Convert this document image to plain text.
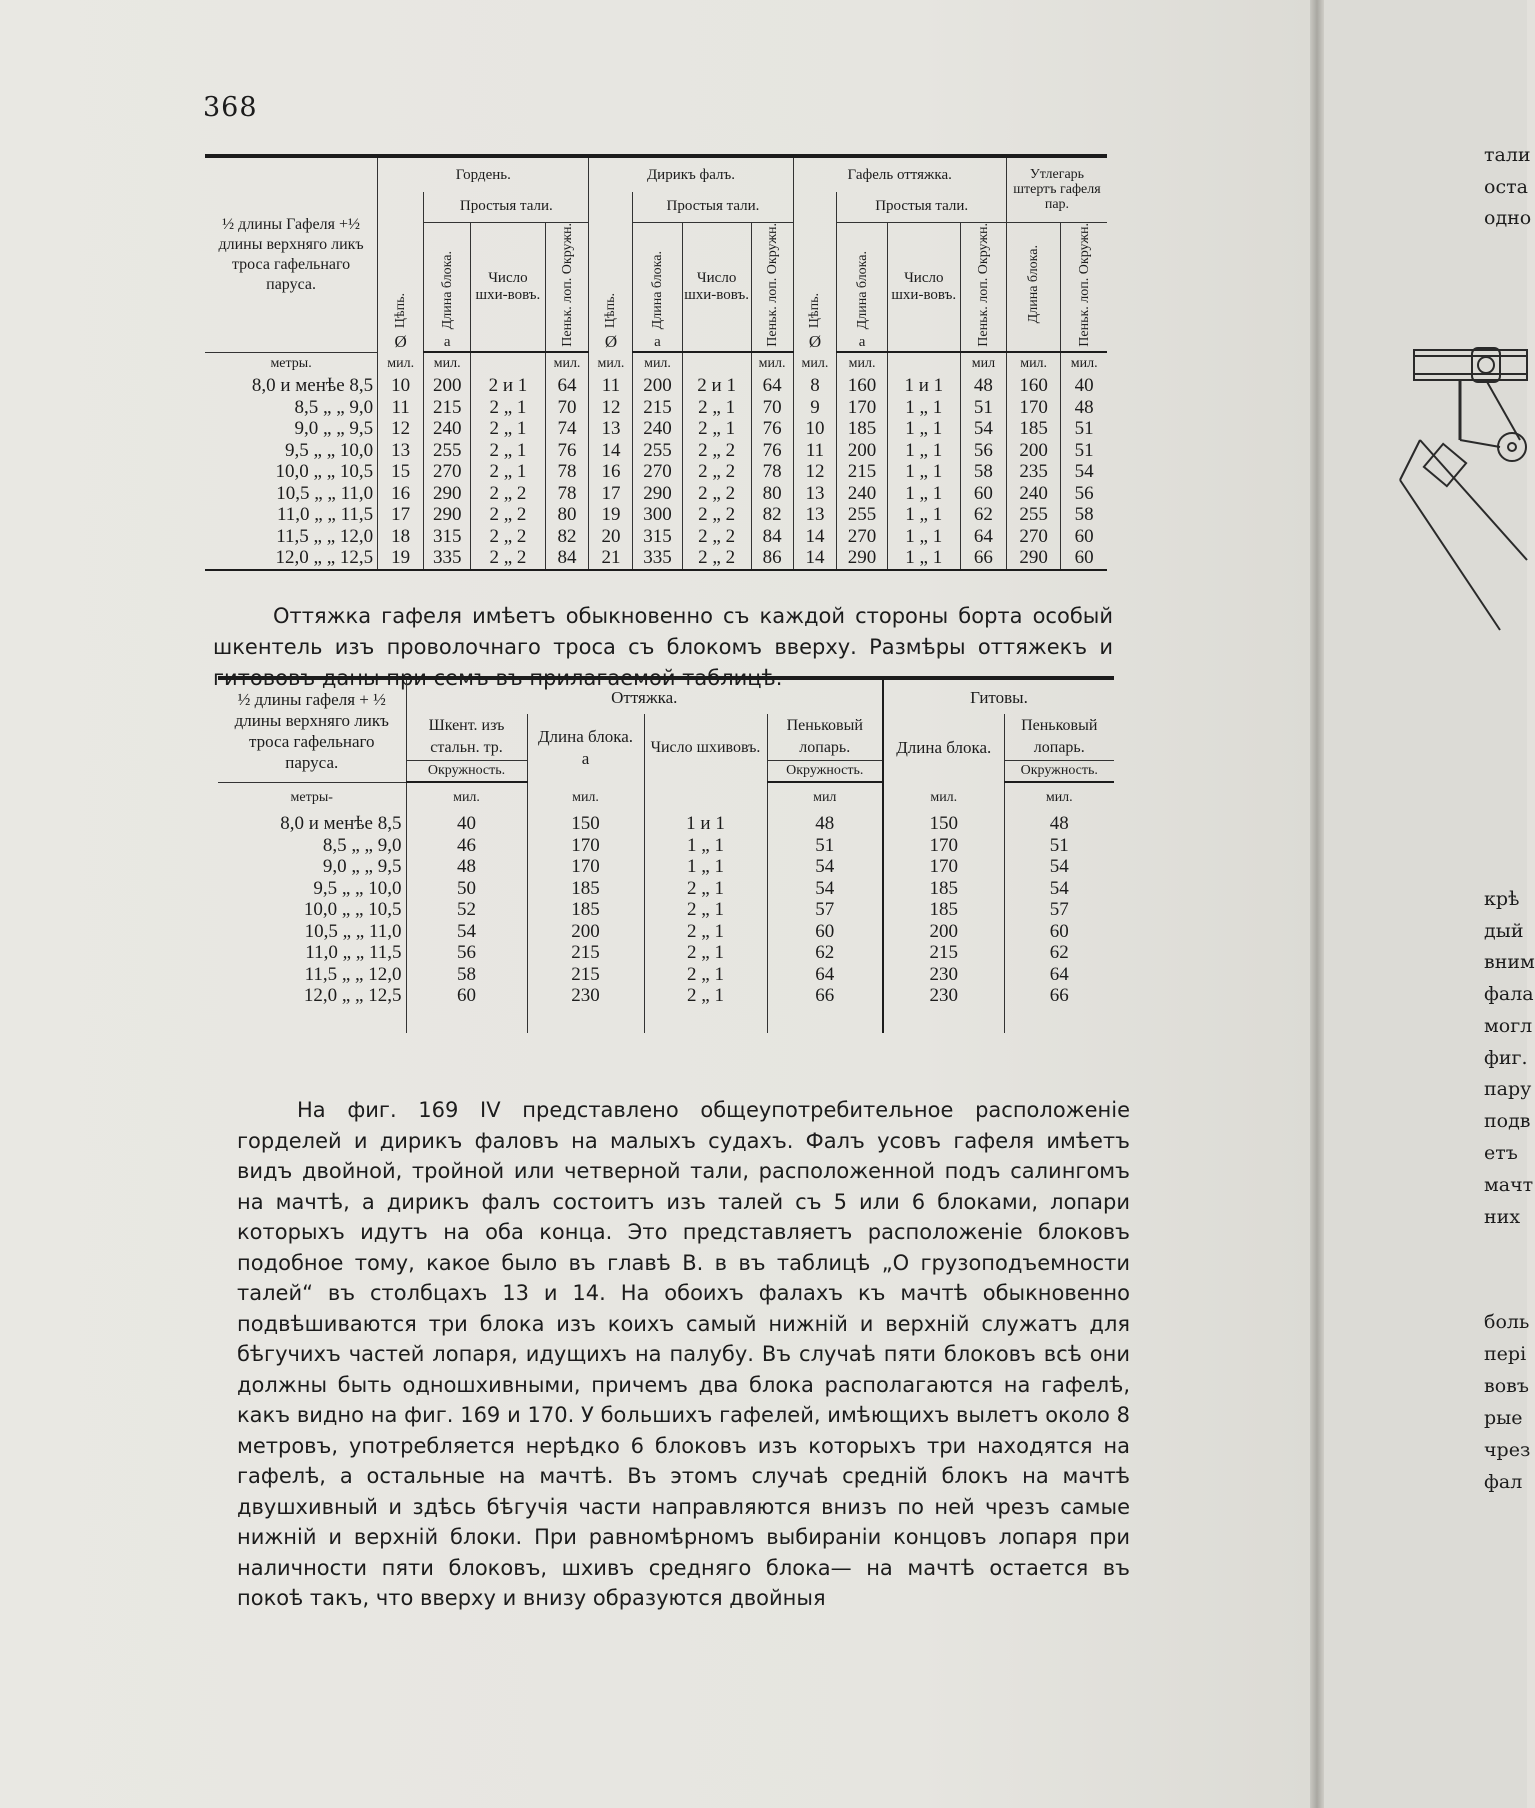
тали
оста
одно
крѣ
дый
вним
фала
могл
фиг.
пару
подв
етъ
мачт
них
боль
пері
вовъ
рые
чрез
фал
368
½ длины Гафеля +½ длины верхняго ликъ троса гафельнаго паруса.	Гордень.				Дирикъ фалъ.				Гафель оттяжка.				Утлегарь штертъ гафеля пар.	
	Цѣпь.
Ø	Простыя тали.			Цѣпь.
Ø	Простыя тали.			Цѣпь.
Ø	Простыя тали.				
		Длина блока.
a	Число шхи-вовъ.	Пеньк. лоп. Окружн.		Длина блока.
a	Число шхи-вовъ.	Пеньк. лоп. Окружн.		Длина блока.
a	Число шхи-вовъ.	Пеньк. лоп. Окружн.	Длина блока.	Пеньк. лоп. Окружн.
метры.	мил.	мил.		мил.	мил.	мил.		мил.	мил.	мил.		мил	мил.	мил.
8,0 и менѣе 8,5	10	200	2 и 1	64	11	200	2 и 1	64	8	160	1 и 1	48	160	40
8,5 „ „ 9,0	11	215	2 „ 1	70	12	215	2 „ 1	70	9	170	1 „ 1	51	170	48
9,0 „ „ 9,5	12	240	2 „ 1	74	13	240	2 „ 1	76	10	185	1 „ 1	54	185	51
9,5 „ „ 10,0	13	255	2 „ 1	76	14	255	2 „ 2	76	11	200	1 „ 1	56	200	51
10,0 „ „ 10,5	15	270	2 „ 1	78	16	270	2 „ 2	78	12	215	1 „ 1	58	235	54
10,5 „ „ 11,0	16	290	2 „ 2	78	17	290	2 „ 2	80	13	240	1 „ 1	60	240	56
11,0 „ „ 11,5	17	290	2 „ 2	80	19	300	2 „ 2	82	13	255	1 „ 1	62	255	58
11,5 „ „ 12,0	18	315	2 „ 2	82	20	315	2 „ 2	84	14	270	1 „ 1	64	270	60
12,0 „ „ 12,5	19	335	2 „ 2	84	21	335	2 „ 2	86	14	290	1 „ 1	66	290	60

Оттяжка гафеля имѣетъ обыкновенно съ каждой стороны борта особый шкентель изъ проволочнаго троса съ блокомъ вверху. Размѣры оттяжекъ и гитововъ даны при семъ въ прилагаемой таблицѣ.

½ длины гафеля + ½ длины верхняго ликъ троса гафельнаго паруса.	Оттяжка.				Гитовы.	
	Шкент. изъ стальн. тр.	Длина блока.
a	Число шхивовъ.	Пеньковый лопарь.	Длина блока.	Пеньковый лопарь.
	Окружность.			Окружность.		Окружность.
метры-	мил.	мил.		мил	мил.	мил.
8,0 и менѣе 8,5	40	150	1 и 1	48	150	48
8,5 „ „ 9,0	46	170	1 „ 1	51	170	51
9,0 „ „ 9,5	48	170	1 „ 1	54	170	54
9,5 „ „ 10,0	50	185	2 „ 1	54	185	54
10,0 „ „ 10,5	52	185	2 „ 1	57	185	57
10,5 „ „ 11,0	54	200	2 „ 1	60	200	60
11,0 „ „ 11,5	56	215	2 „ 1	62	215	62
11,5 „ „ 12,0	58	215	2 „ 1	64	230	64
12,0 „ „ 12,5	60	230	2 „ 1	66	230	66

На фиг. 169 IV представлено общеупотребительное расположеніе горделей и дирикъ фаловъ на малыхъ судахъ. Фалъ усовъ гафеля имѣетъ видъ двойной, тройной или четверной тали, расположенной подъ салингомъ на мачтѣ, а дирикъ фалъ состоитъ изъ талей съ 5 или 6 блоками, лопари которыхъ идутъ на оба конца. Это представляетъ расположеніе блоковъ подобное тому, какое было въ главѣ В. в въ таблицѣ „О грузоподъемности талей“ въ столбцахъ 13 и 14. На обоихъ фалахъ къ мачтѣ обыкновенно подвѣшиваются три блока изъ коихъ самый нижній и верхній служатъ для бѣгучихъ частей лопаря, идущихъ на палубу. Въ случаѣ пяти блоковъ всѣ они должны быть одношхивными, причемъ два блока располагаются на гафелѣ, какъ видно на фиг. 169 и 170. У большихъ гафелей, имѣющихъ вылетъ около 8 метровъ, употребляется нерѣдко 6 блоковъ изъ которыхъ три находятся на гафелѣ, а остальные на мачтѣ. Въ этомъ случаѣ средній блокъ на мачтѣ двушхивный и здѣсь бѣгучія части направляются внизъ по ней чрезъ самые нижній и верхній блоки. При равномѣрномъ выбираніи концовъ лопаря при наличности пяти блоковъ, шхивъ средняго блока— на мачтѣ остается въ покоѣ такъ, что вверху и внизу образуются двойныя
